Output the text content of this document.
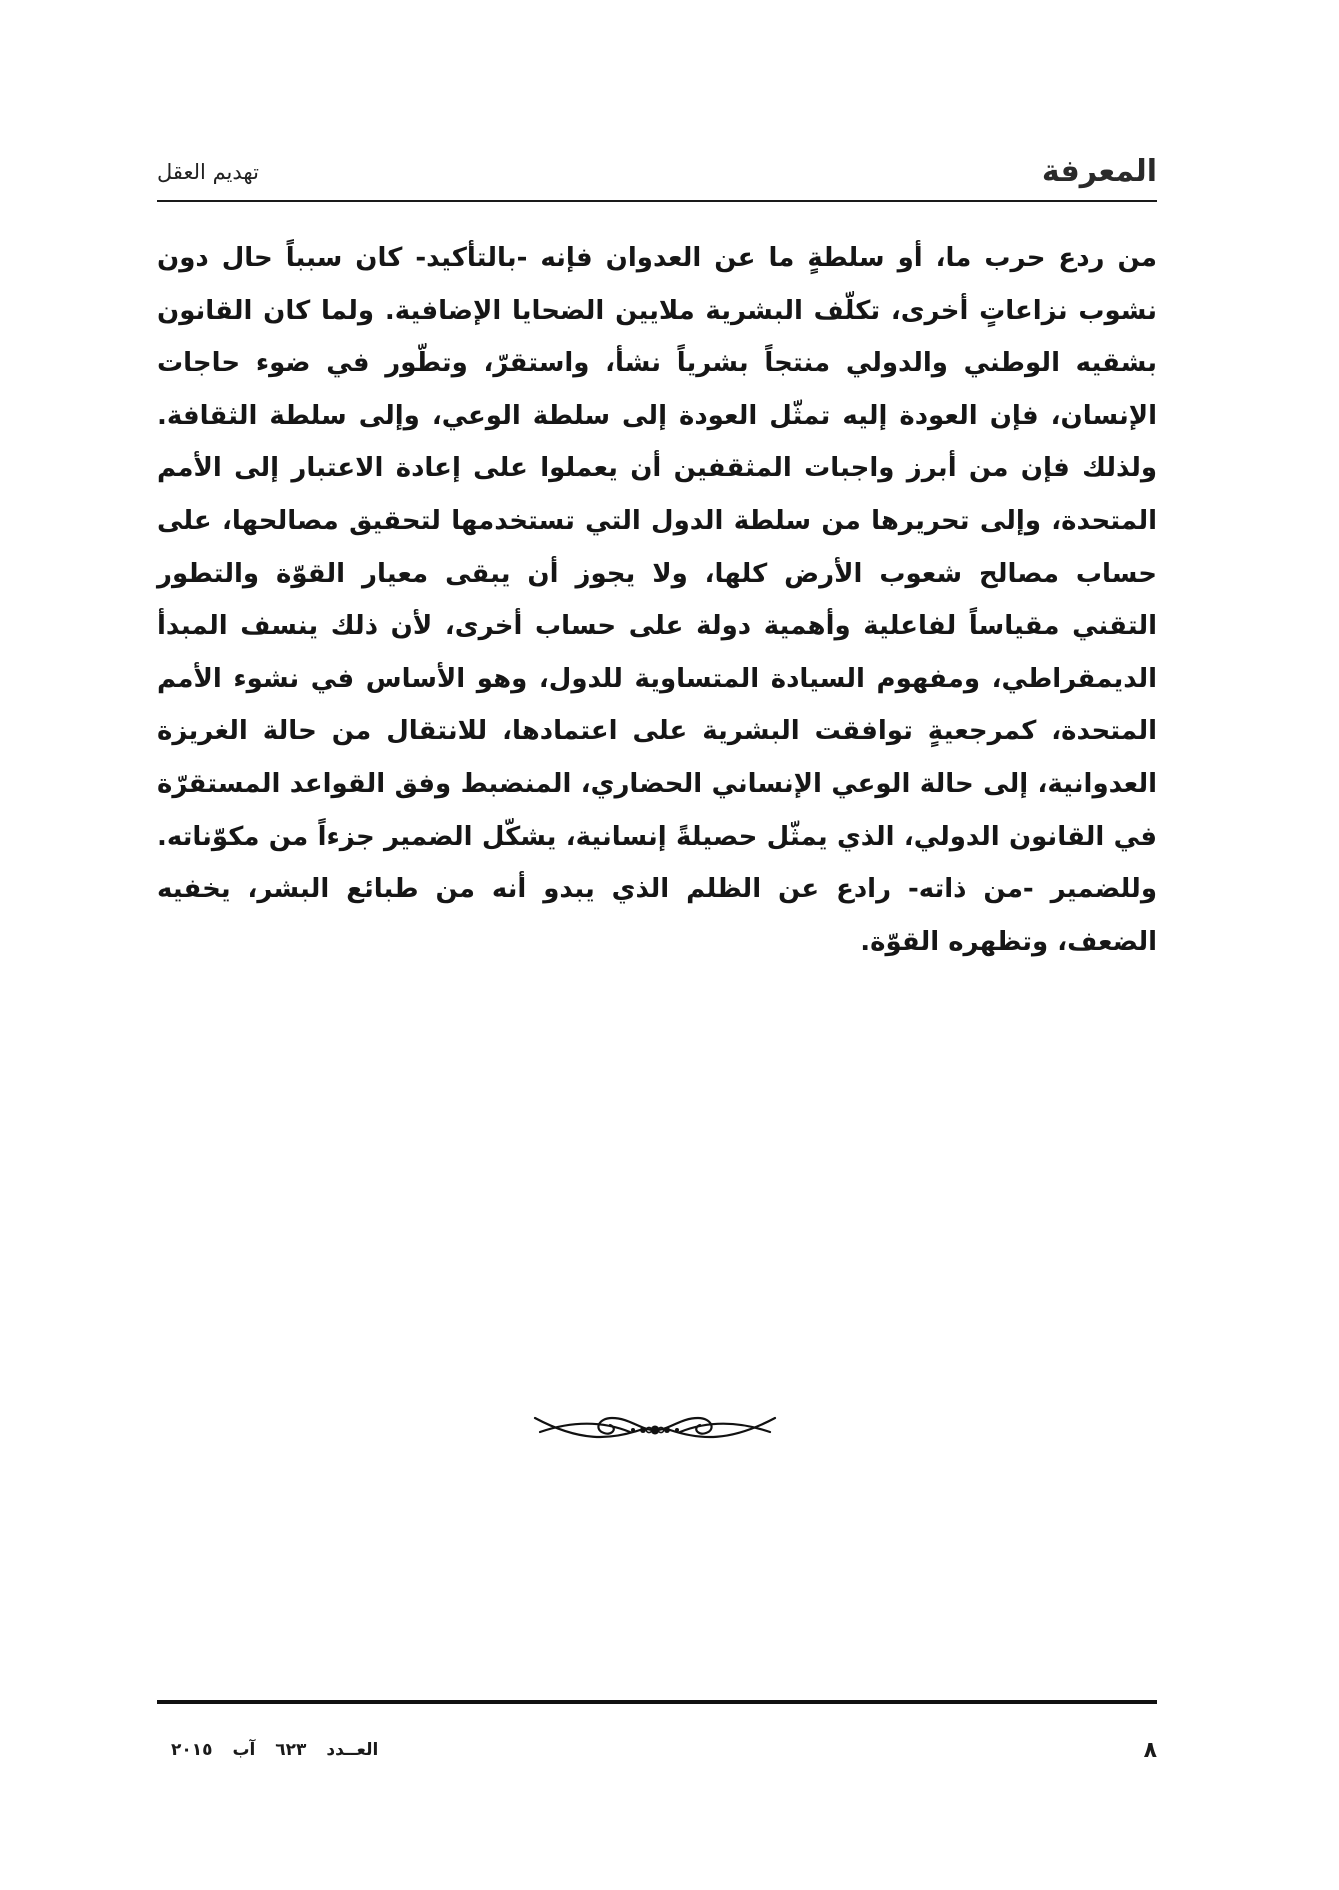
المعرفة
تهديم العقل

من ردع حرب ما، أو سلطةٍ ما عن العدوان فإنه -بالتأكيد- كان سبباً حال دون نشوب نزاعاتٍ أخرى، تكلّف البشرية ملايين الضحايا الإضافية. ولما كان القانون بشقيه الوطني والدولي منتجاً بشرياً نشأ، واستقرّ، وتطّور في ضوء حاجات الإنسان، فإن العودة إليه تمثّل العودة إلى سلطة الوعي، وإلى سلطة الثقافة. ولذلك فإن من أبرز واجبات المثقفين أن يعملوا على إعادة الاعتبار إلى الأمم المتحدة، وإلى تحريرها من سلطة الدول التي تستخدمها لتحقيق مصالحها، على حساب مصالح شعوب الأرض كلها، ولا يجوز أن يبقى معيار القوّة والتطور التقني مقياساً لفاعلية وأهمية دولة على حساب أخرى، لأن ذلك ينسف المبدأ الديمقراطي، ومفهوم السيادة المتساوية للدول، وهو الأساس في نشوء الأمم المتحدة، كمرجعيةٍ توافقت البشرية على اعتمادها، للانتقال من حالة الغريزة العدوانية، إلى حالة الوعي الإنساني الحضاري، المنضبط وفق القواعد المستقرّة في القانون الدولي، الذي يمثّل حصيلةً إنسانية، يشكّل الضمير جزءاً من مكوّناته. وللضمير -من ذاته- رادع عن الظلم الذي يبدو أنه من طبائع البشر، يخفيه الضعف، وتظهره القوّة.

٨
العــدد ٦٢٣ آب ٢٠١٥
